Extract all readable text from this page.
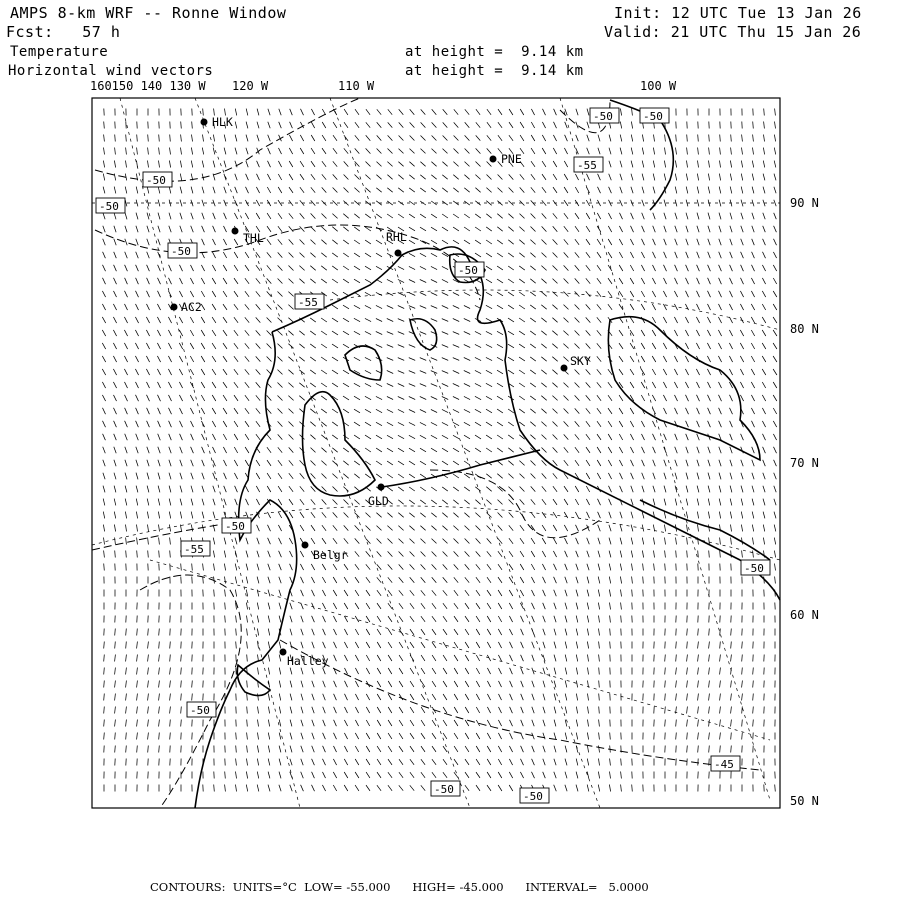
AMPS 8-km WRF -- Ronne Window
Fcst:   57 h
Init: 12 UTC Tue 13 Jan 26
Valid: 21 UTC Thu 15 Jan 26
Temperature
Horizontal wind vectors
at height =  9.14 km
at height =  9.14 km
160150 140 130 W 120 W	110 W	100 W
90 N
80 N
70 N
60 N
50 N
HLK
PNE
THL	RHL
AC2
SKY
GLD
Belgr
Halley
-50
-50
-55
-50
-50
-55
-50
-50
-55
-50
-50
-50
-45
-50
-50
CONTOURS:  UNITS=°C  LOW= -55.000      HIGH= -45.000      INTERVAL=   5.0000
